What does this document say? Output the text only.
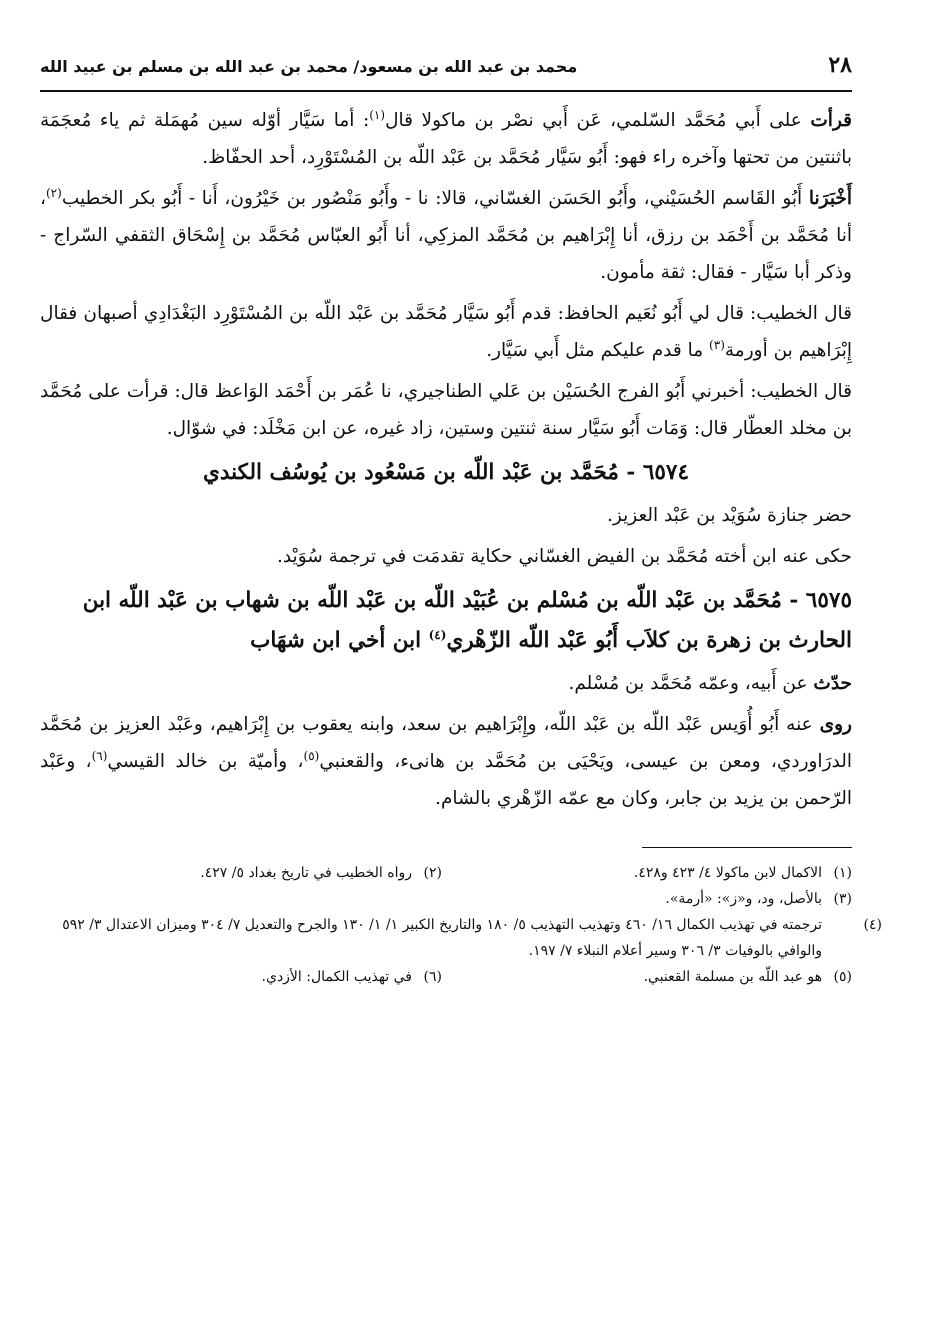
٢٨
محمد بن عبد الله بن مسعود/ محمد بن عبد الله بن مسلم بن عبيد الله

قرأت على أَبي مُحَمَّد السّلمي، عَن أَبي نصْر بن ماكولا قال$^{(١)}$: أما سَيَّار أوّله سين مُهمَلة ثم ياء مُعجَمَة باثنتين من تحتها وآخره راء فهو: أَبُو سَيَّار مُحَمَّد بن عَبْد اللّه بن المُسْتَوْرِد، أحد الحفّاظ.

أَخْبَرَنا أَبُو القَاسم الحُسَيْني، وأَبُو الحَسَن الغسّاني، قالا: نا - وأَبُو مَنْصُور بن خَيْرُون، أَنا - أَبُو بكر الخطيب$^{(٢)}$، أنا مُحَمَّد بن أَحْمَد بن رزق، أنا إِبْرَاهيم بن مُحَمَّد المزكِي، أنا أَبُو العبّاس مُحَمَّد بن إِسْحَاق الثقفي السّراج - وذكر أبا سَيَّار - فقال: ثقة مأمون.

قال الخطيب: قال لي أَبُو نُعَيم الحافظ: قدم أَبُو سَيَّار مُحَمَّد بن عَبْد اللّه بن المُسْتَوْرِد البَغْدَادِي أصبهان فقال إِبْرَاهيم بن أورمة$^{(٣)}$ ما قدم عليكم مثل أَبي سَيَّار.

قال الخطيب: أخبرني أَبُو الفرج الحُسَيْن بن عَلي الطناجيري، نا عُمَر بن أَحْمَد الوَاعظ قال: قرأت على مُحَمَّد بن مخلد العطّار قال: وَمَات أَبُو سَيَّار سنة ثنتين وستين، زاد غيره، عن ابن مَخْلَد: في شوّال.

٦٥٧٤ - مُحَمَّد بن عَبْد اللّه بن مَسْعُود بن يُوسُف الكندي

حضر جنازة سُوَيْد بن عَبْد العزيز.

حكى عنه ابن أخته مُحَمَّد بن الفيض الغسّاني حكاية تقدمَت في ترجمة سُوَيْد.

٦٥٧٥ - مُحَمَّد بن عَبْد اللّه بن مُسْلم بن عُبَيْد اللّه بن عَبْد اللّه بن شهاب بن عَبْد اللّه ابن الحارث بن زهرة بن كلاَب أَبُو عَبْد اللّه الزّهْري$^{(٤)}$ ابن أخي ابن شهَاب

حدّث عن أَبيه، وعمّه مُحَمَّد بن مُسْلم.

روى عنه أَبُو أُوَيس عَبْد اللّه بن عَبْد اللّه، وإِبْرَاهيم بن سعد، وابنه يعقوب بن إِبْرَاهيم، وعَبْد العزيز بن مُحَمَّد الدرَاوردي، ومعن بن عيسى، ويَحْيَى بن مُحَمَّد بن هانىء، والقعنبي$^{(٥)}$، وأميّة بن خالد القيسي$^{(٦)}$، وعَبْد الرّحمن بن يزيد بن جابر، وكان مع عمّه الزّهْري بالشام.

(١)الاكمال لابن ماكولا ٤/ ٤٢٣ و٤٢٨.
(٢)رواه الخطيب في تاريخ بغداد ٥/ ٤٢٧.
(٣)بالأصل، ود، و«ز»: «أرمة».
(٤)ترجمته في تهذيب الكمال ١٦/ ٤٦٠ وتهذيب التهذيب ٥/ ١٨٠ والتاريخ الكبير ١/ ١/ ١٣٠ والجرح والتعديل ٧/ ٣٠٤ وميزان الاعتدال ٣/ ٥٩٢ والوافي بالوفيات ٣/ ٣٠٦ وسير أعلام النبلاء ٧/ ١٩٧.
(٥)هو عبد اللّه بن مسلمة القعنبي.
(٦)في تهذيب الكمال: الأزدي.
